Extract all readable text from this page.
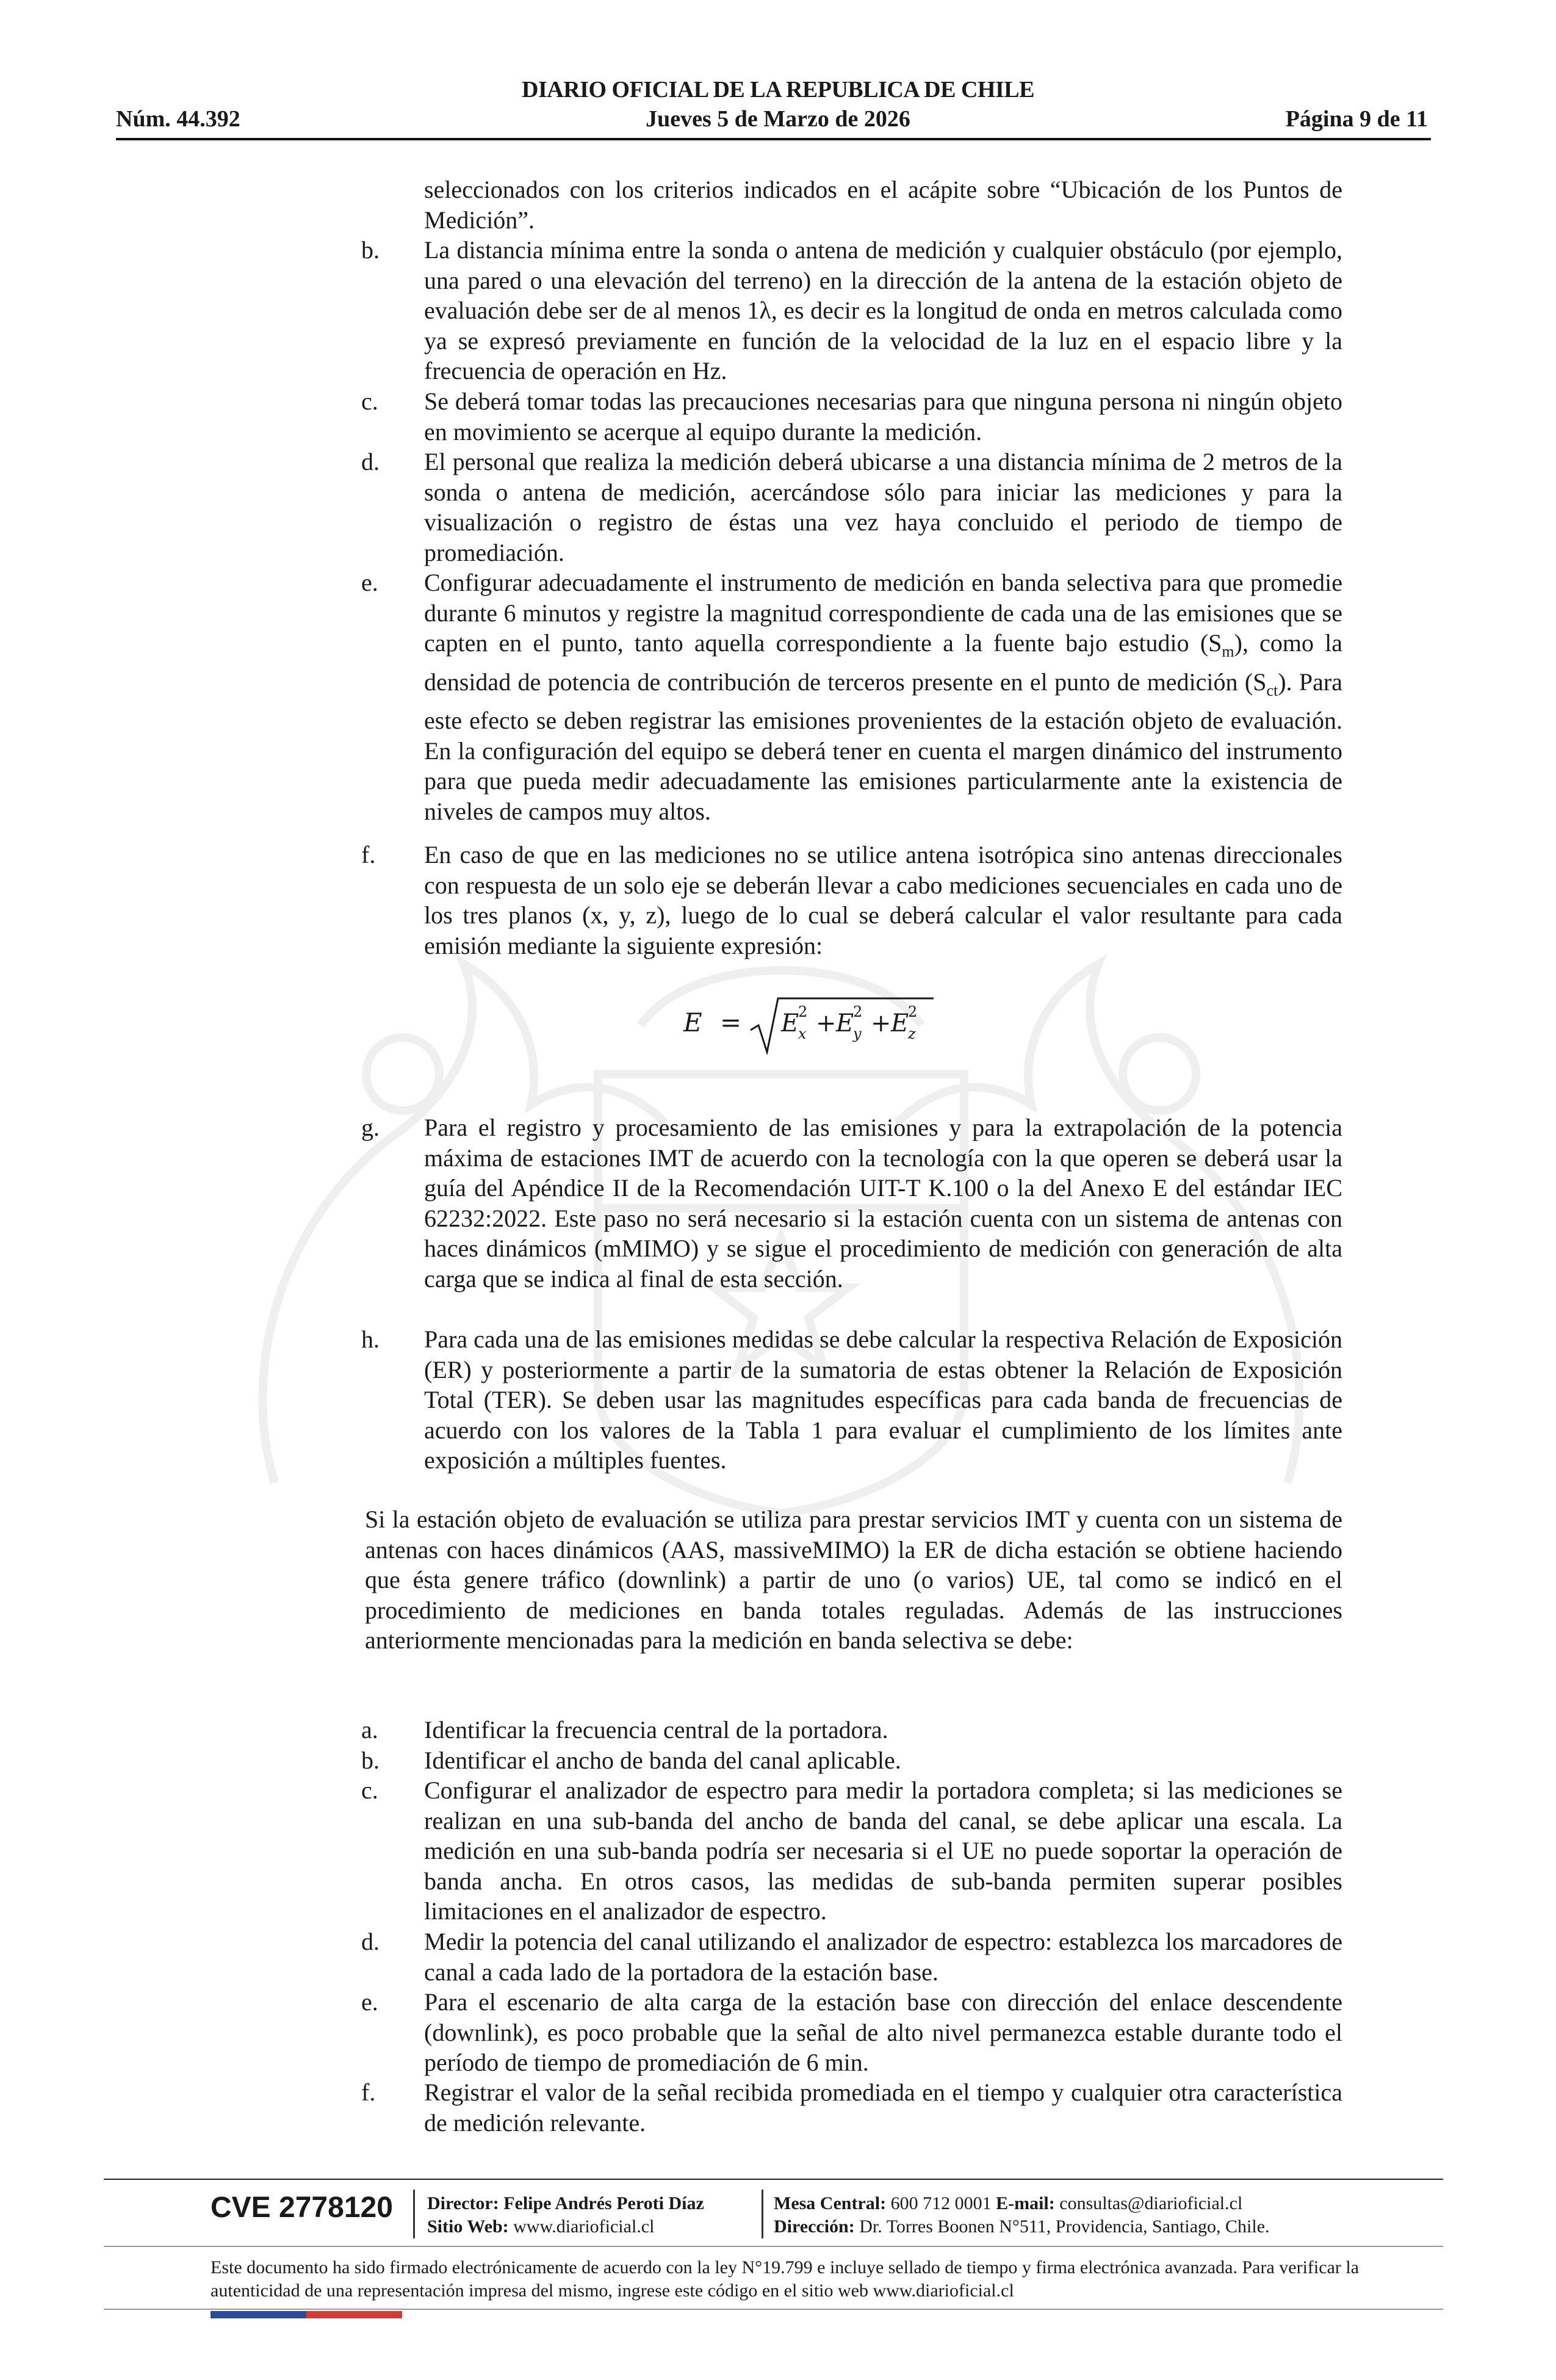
DIARIO OFICIAL DE LA REPUBLICA DE CHILE
Núm. 44.392	Jueves 5 de Marzo de 2026	Página 9 de 11
seleccionados con los criterios indicados en el acápite sobre “Ubicación de los Puntos de Medición”.
b. La distancia mínima entre la sonda o antena de medición y cualquier obstáculo (por ejemplo, una pared o una elevación del terreno) en la dirección de la antena de la estación objeto de evaluación debe ser de al menos 1λ, es decir es la longitud de onda en metros calculada como ya se expresó previamente en función de la velocidad de la luz en el espacio libre y la frecuencia de operación en Hz.
c. Se deberá tomar todas las precauciones necesarias para que ninguna persona ni ningún objeto en movimiento se acerque al equipo durante la medición.
d. El personal que realiza la medición deberá ubicarse a una distancia mínima de 2 metros de la sonda o antena de medición, acercándose sólo para iniciar las mediciones y para la visualización o registro de éstas una vez haya concluido el periodo de tiempo de promediación.
e. Configurar adecuadamente el instrumento de medición en banda selectiva para que promedie durante 6 minutos y registre la magnitud correspondiente de cada una de las emisiones que se capten en el punto, tanto aquella correspondiente a la fuente bajo estudio $(S_m)$, como la densidad de potencia de contribución de terceros presente en el punto de medición $(S_{ct})$. Para este efecto se deben registrar las emisiones provenientes de la estación objeto de evaluación. En la configuración del equipo se deberá tener en cuenta el margen dinámico del instrumento para que pueda medir adecuadamente las emisiones particularmente ante la existencia de niveles de campos muy altos.
f. En caso de que en las mediciones no se utilice antena isotrópica sino antenas direccionales con respuesta de un solo eje se deberán llevar a cabo mediciones secuenciales en cada uno de los tres planos (x, y, z), luego de lo cual se deberá calcular el valor resultante para cada emisión mediante la siguiente expresión:
E = E
2
x + E
2
y + E
2
z
g. Para el registro y procesamiento de las emisiones y para la extrapolación de la potencia máxima de estaciones IMT de acuerdo con la tecnología con la que operen se deberá usar la guía del Apéndice II de la Recomendación UIT-T K.100 o la del Anexo E del estándar IEC 62232:2022. Este paso no será necesario si la estación cuenta con un sistema de antenas con haces dinámicos (mMIMO) y se sigue el procedimiento de medición con generación de alta carga que se indica al final de esta sección.
h. Para cada una de las emisiones medidas se debe calcular la respectiva Relación de Exposición (ER) y posteriormente a partir de la sumatoria de estas obtener la Relación de Exposición Total (TER). Se deben usar las magnitudes específicas para cada banda de frecuencias de acuerdo con los valores de la Tabla 1 para evaluar el cumplimiento de los límites ante exposición a múltiples fuentes.
Si la estación objeto de evaluación se utiliza para prestar servicios IMT y cuenta con un sistema de antenas con haces dinámicos (AAS, massiveMIMO) la ER de dicha estación se obtiene haciendo que ésta genere tráfico (downlink) a partir de uno (o varios) UE, tal como se indicó en el procedimiento de mediciones en banda totales reguladas. Además de las instrucciones anteriormente mencionadas para la medición en banda selectiva se debe:
a. Identificar la frecuencia central de la portadora.
b. Identificar el ancho de banda del canal aplicable.
c. Configurar el analizador de espectro para medir la portadora completa; si las mediciones se realizan en una sub-banda del ancho de banda del canal, se debe aplicar una escala. La medición en una sub-banda podría ser necesaria si el UE no puede soportar la operación de banda ancha. En otros casos, las medidas de sub-banda permiten superar posibles limitaciones en el analizador de espectro.
d. Medir la potencia del canal utilizando el analizador de espectro: establezca los marcadores de canal a cada lado de la portadora de la estación base.
e. Para el escenario de alta carga de la estación base con dirección del enlace descendente (downlink), es poco probable que la señal de alto nivel permanezca estable durante todo el período de tiempo de promediación de 6 min.
f. Registrar el valor de la señal recibida promediada en el tiempo y cualquier otra característica de medición relevante.
CVE 2778120 Director: Felipe Andrés Peroti Díaz
Sitio Web: www.diarioficial.cl
Mesa Central: 600 712 0001 E-mail: consultas@diarioficial.cl
Dirección: Dr. Torres Boonen N°511, Providencia, Santiago, Chile.
Este documento ha sido firmado electrónicamente de acuerdo con la ley N°19.799 e incluye sellado de tiempo y firma electrónica avanzada. Para verificar la autenticidad de una representación impresa del mismo, ingrese este código en el sitio web www.diarioficial.cl
